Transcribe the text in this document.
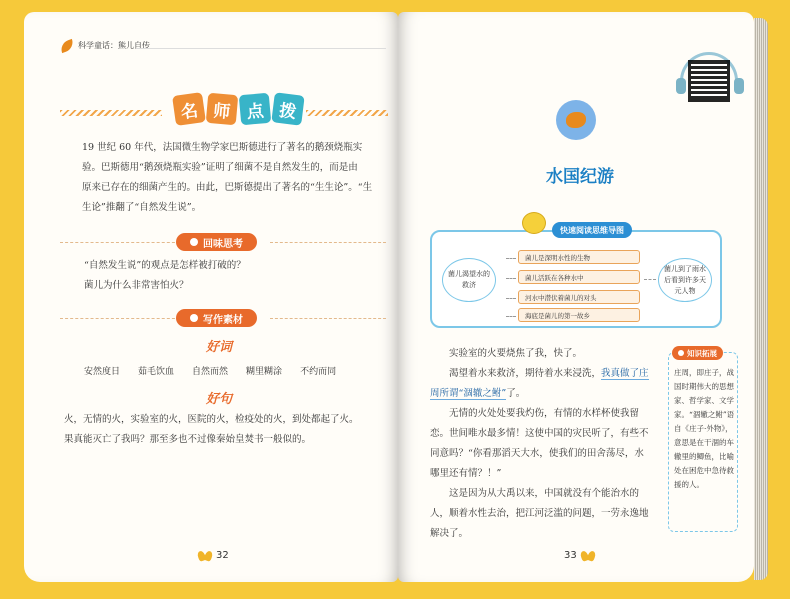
科学童话：熊儿自传
名 师 点 拨
19 世纪 60 年代，法国微生物学家巴斯德进行了著名的鹅颈烧瓶实
验。巴斯德用“鹅颈烧瓶实验”证明了细菌不是自然发生的，而是由
原来已存在的细菌产生的。由此，巴斯德提出了著名的“生生论”。“生
生论”推翻了“自然发生说”。
回味思考
“自然发生说”的观点是怎样被打破的？
菌儿为什么非常害怕火？
写作素材
好词
安然度日 茹毛饮血 自然而然 糊里糊涂 不约而同
好句
火，无情的火，实验室的火，医院的火，检疫处的火，到处都起了火。
果真能灭亡了我吗？那至多也不过像秦始皇焚书一般似的。
32
水国纪游
快速阅读思维导图
菌儿渴望水的救济
菌儿是深明水性的生物
菌儿活跃在各种水中
河水中潜伏着菌儿的对头
海底是菌儿的第一故乡
菌儿到了雨水后看到许多天元人物

实验室的火要烧焦了我，快了。

渴望着水来救济，期待着水来浸洗，我真做了庄周所谓“涸辙之鲋”了。

无情的火处处要我灼伤，有情的水样杯使我留恋。世间唯水最多情！这使中国的灾民听了，有些不同意吗？“你看那滔天大水，使我们的田舍荡尽，水哪里还有情？！”

这是因为从大禹以来，中国就没有个能治水的人，顺着水性去治，把江河泛滥的问题，一劳永逸地解决了。

知识拓展
庄周，即庄子，战国时期伟大的思想家、哲学家、文学家。“涸辙之鲋”语自《庄子·外物》，意思是在干涸的车辙里的鲫鱼，比喻处在困危中急待救援的人。
33
